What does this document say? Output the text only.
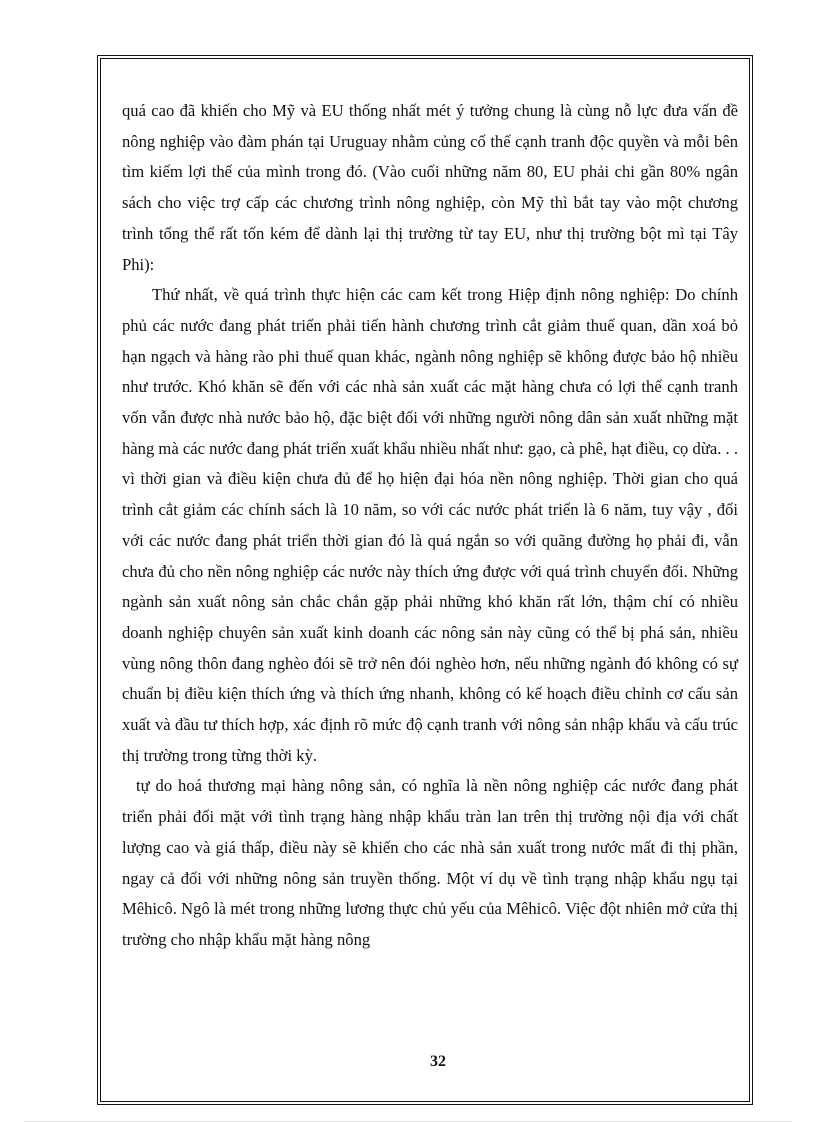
quá cao đã khiến cho Mỹ và EU thống nhất mét ý tưởng chung là cùng nỗ lực đưa vấn đề nông nghiệp vào đàm phán tại Uruguay nhằm củng cố thế cạnh tranh độc quyền và mỗi bên tìm kiếm lợi thế của mình trong đó. (Vào cuối những năm 80, EU phải chi gần 80% ngân sách cho việc trợ cấp các chương trình nông nghiệp, còn Mỹ thì bắt tay vào một chương trình tổng thể rất tốn kém để dành lại thị trường từ tay EU, như thị trường bột mì tại Tây Phi):

Thứ nhất, về quá trình thực hiện các cam kết trong Hiệp định nông nghiệp: Do chính phủ các nước đang phát triển phải tiến hành chương trình cắt giảm thuế quan, dần xoá bỏ hạn ngạch và hàng rào phi thuế quan khác, ngành nông nghiệp sẽ không được bảo hộ nhiều như trước. Khó khăn sẽ đến với các nhà sản xuất các mặt hàng chưa có lợi thế cạnh tranh vốn vẫn được nhà nước bảo hộ, đặc biệt đối với những người nông dân sản xuất những mặt hàng mà các nước đang phát triển xuất khẩu nhiều nhất như: gạo, cà phê, hạt điều, cọ dừa. . . vì thời gian và điều kiện chưa đủ để họ hiện đại hóa nền nông nghiệp. Thời gian cho quá trình cắt giảm các chính sách là 10 năm, so với các nước phát triển là 6 năm, tuy vậy , đối với các nước đang phát triển thời gian đó là quá ngắn so với quãng đường họ phải đi, vẫn chưa đủ cho nền nông nghiệp các nước này thích ứng được với quá trình chuyển đổi. Những ngành sản xuất nông sản chắc chắn gặp phải những khó khăn rất lớn, thậm chí có nhiều doanh nghiệp chuyên sản xuất kinh doanh các nông sản này cũng có thể bị phá sản, nhiều vùng nông thôn đang nghèo đói sẽ trở nên đói nghèo hơn, nếu những ngành đó không có sự chuẩn bị điều kiện thích ứng và thích ứng nhanh, không có kế hoạch điều chỉnh cơ cấu sản xuất và đầu tư thích hợp, xác định rõ mức độ cạnh tranh với nông sản nhập khẩu và cấu trúc thị trường trong từng thời kỳ.

tự do hoá thương mại hàng nông sản, có nghĩa là nền nông nghiệp các nước đang phát triển phải đối mặt với tình trạng hàng nhập khẩu tràn lan trên thị trường nội địa với chất lượng cao và giá thấp, điều này sẽ khiến cho các nhà sản xuất trong nước mất đi thị phần, ngay cả đối với những nông sản truyền thống. Một ví dụ về tình trạng nhập khẩu ngụ tại Mêhicô. Ngô là mét trong những lương thực chủ yếu của Mêhicô. Việc đột nhiên mở cửa thị trường cho nhập khẩu mặt hàng nông

32
